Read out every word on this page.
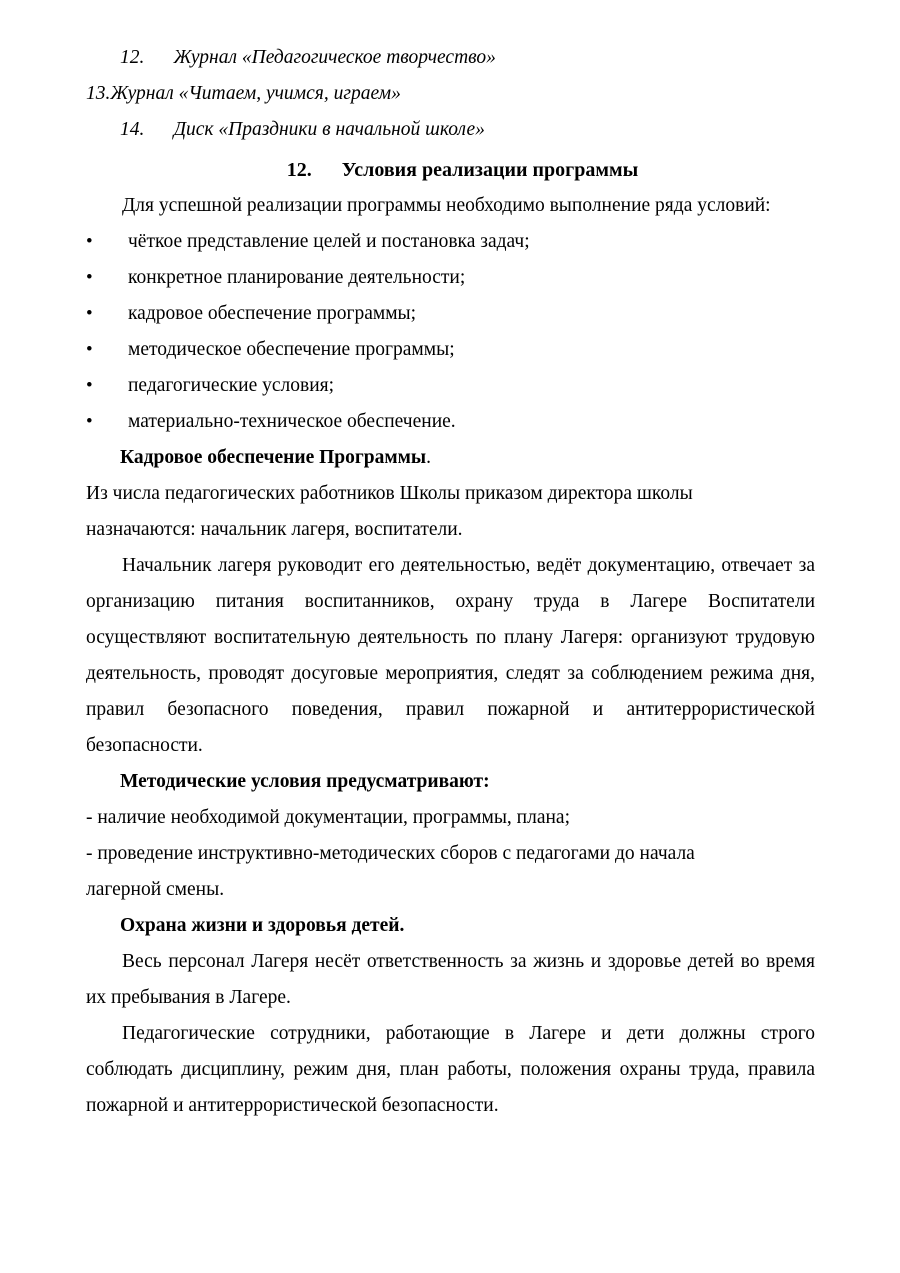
12.      Журнал «Педагогическое творчество»
13.Журнал «Читаем, учимся, играем»
14.      Диск «Праздники в начальной школе»
12.      Условия реализации программы

Для успешной реализации программы необходимо выполнение ряда условий:

• чёткое представление целей и постановка задач;
• конкретное планирование деятельности;
• кадровое обеспечение программы;
• методическое обеспечение программы;
• педагогические условия;
• материально-техническое обеспечение.

Кадровое обеспечение Программы.

Из числа педагогических работников Школы приказом директора школы

назначаются: начальник лагеря, воспитатели.

Начальник лагеря руководит его деятельностью, ведёт документацию, отвечает за организацию питания воспитанников, охрану труда в Лагере Воспитатели осуществляют воспитательную деятельность по плану Лагеря: организуют трудовую деятельность, проводят досуговые мероприятия, следят за соблюдением режима дня, правил безопасного поведения, правил пожарной и антитеррористической безопасности.

Методические условия предусматривают:

- наличие необходимой документации, программы, плана;

- проведение инструктивно-методических сборов с педагогами до начала

лагерной смены.

Охрана жизни и здоровья детей.

Весь персонал Лагеря несёт ответственность за жизнь и здоровье детей во время их пребывания в Лагере.

Педагогические сотрудники, работающие в Лагере и дети должны строго соблюдать дисциплину, режим дня, план работы, положения охраны труда, правила пожарной и антитеррористической безопасности.
